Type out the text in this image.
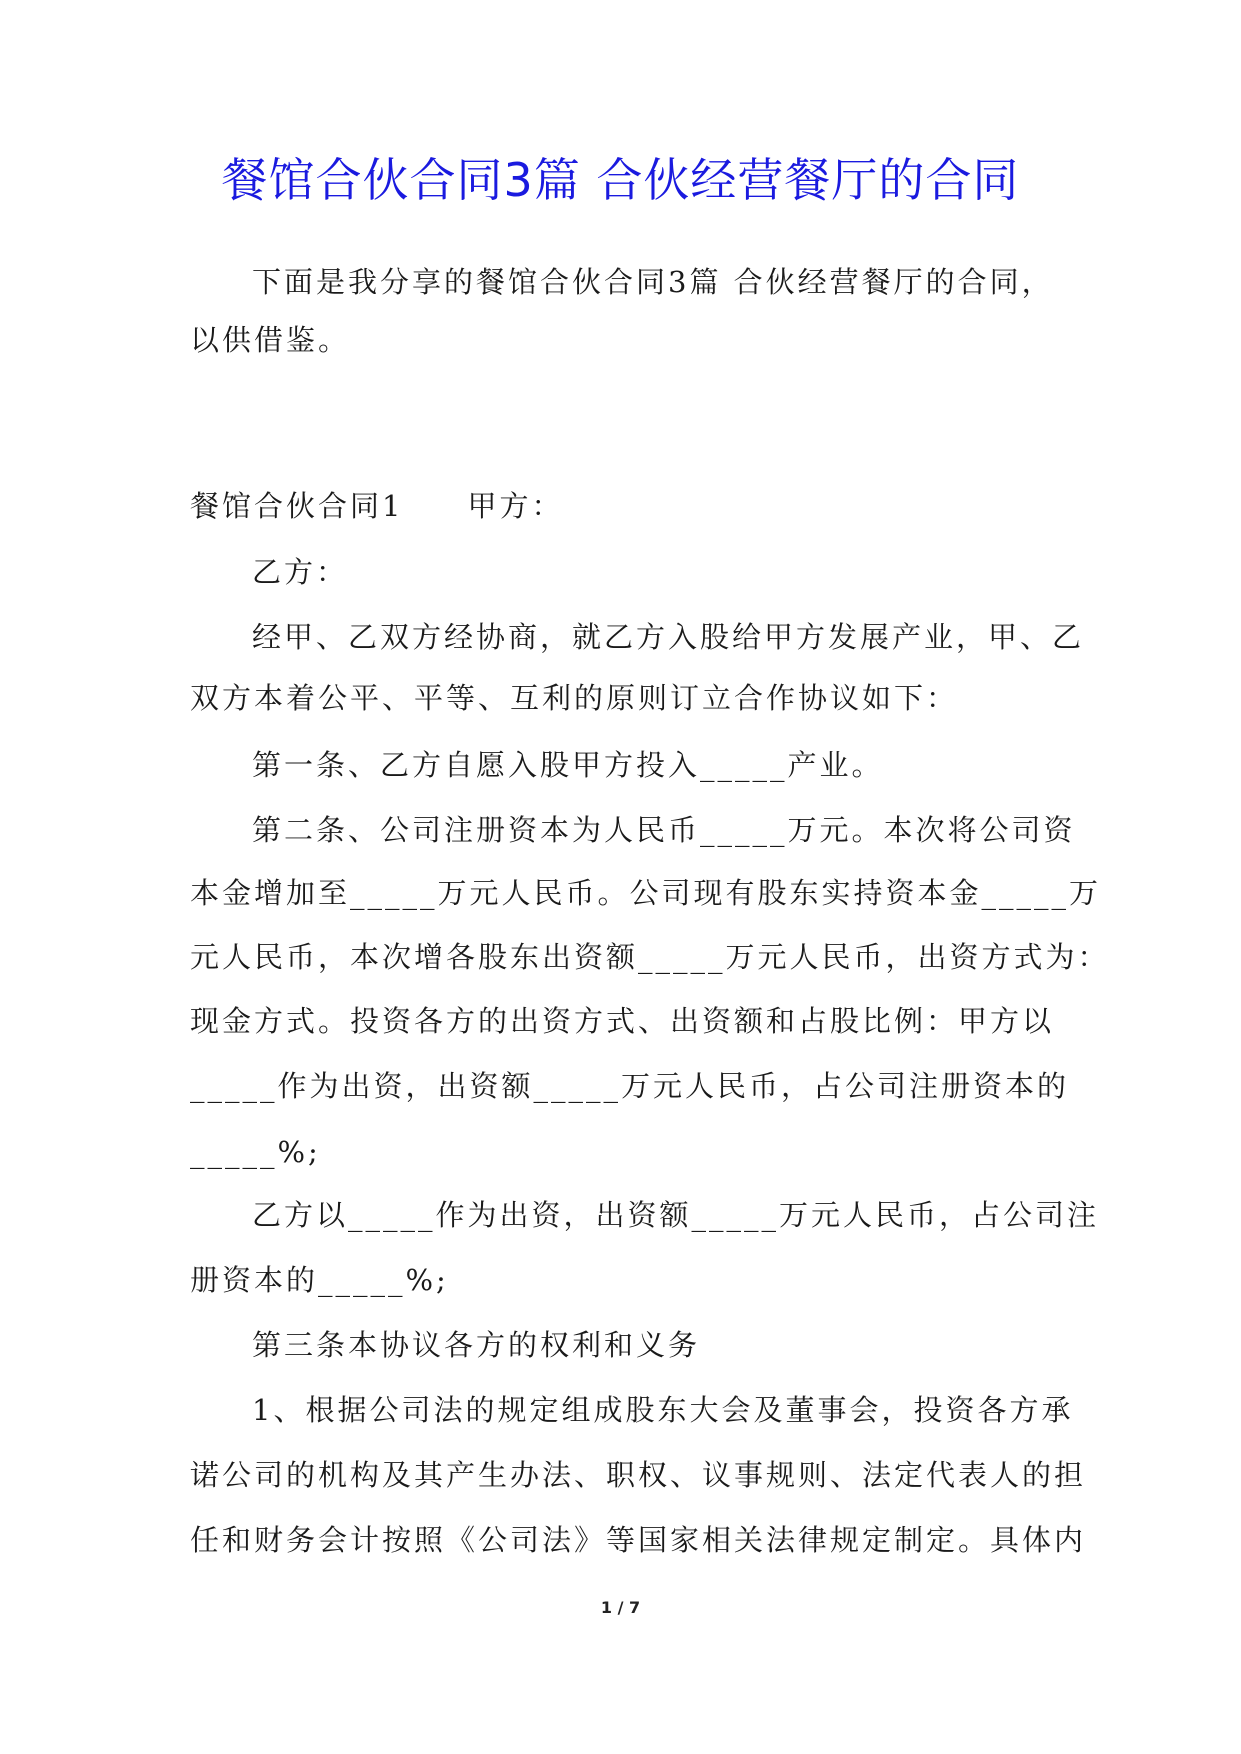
餐馆合伙合同3篇 合伙经营餐厅的合同
下面是我分享的餐馆合伙合同3篇 合伙经营餐厅的合同，
以供借鉴。
餐馆合伙合同1　　甲方：
乙方：
经甲、乙双方经协商，就乙方入股给甲方发展产业，甲、乙
双方本着公平、平等、互利的原则订立合作协议如下：
第一条、乙方自愿入股甲方投入_____产业。
第二条、公司注册资本为人民币_____万元。本次将公司资
本金增加至_____万元人民币。公司现有股东实持资本金_____万
元人民币，本次增各股东出资额_____万元人民币，出资方式为：
现金方式。投资各方的出资方式、出资额和占股比例：甲方以
_____作为出资，出资额_____万元人民币，占公司注册资本的
_____%;
乙方以_____作为出资，出资额_____万元人民币，占公司注
册资本的_____%;
第三条本协议各方的权利和义务
1、根据公司法的规定组成股东大会及董事会，投资各方承
诺公司的机构及其产生办法、职权、议事规则、法定代表人的担
任和财务会计按照《公司法》等国家相关法律规定制定。具体内
1 / 7
